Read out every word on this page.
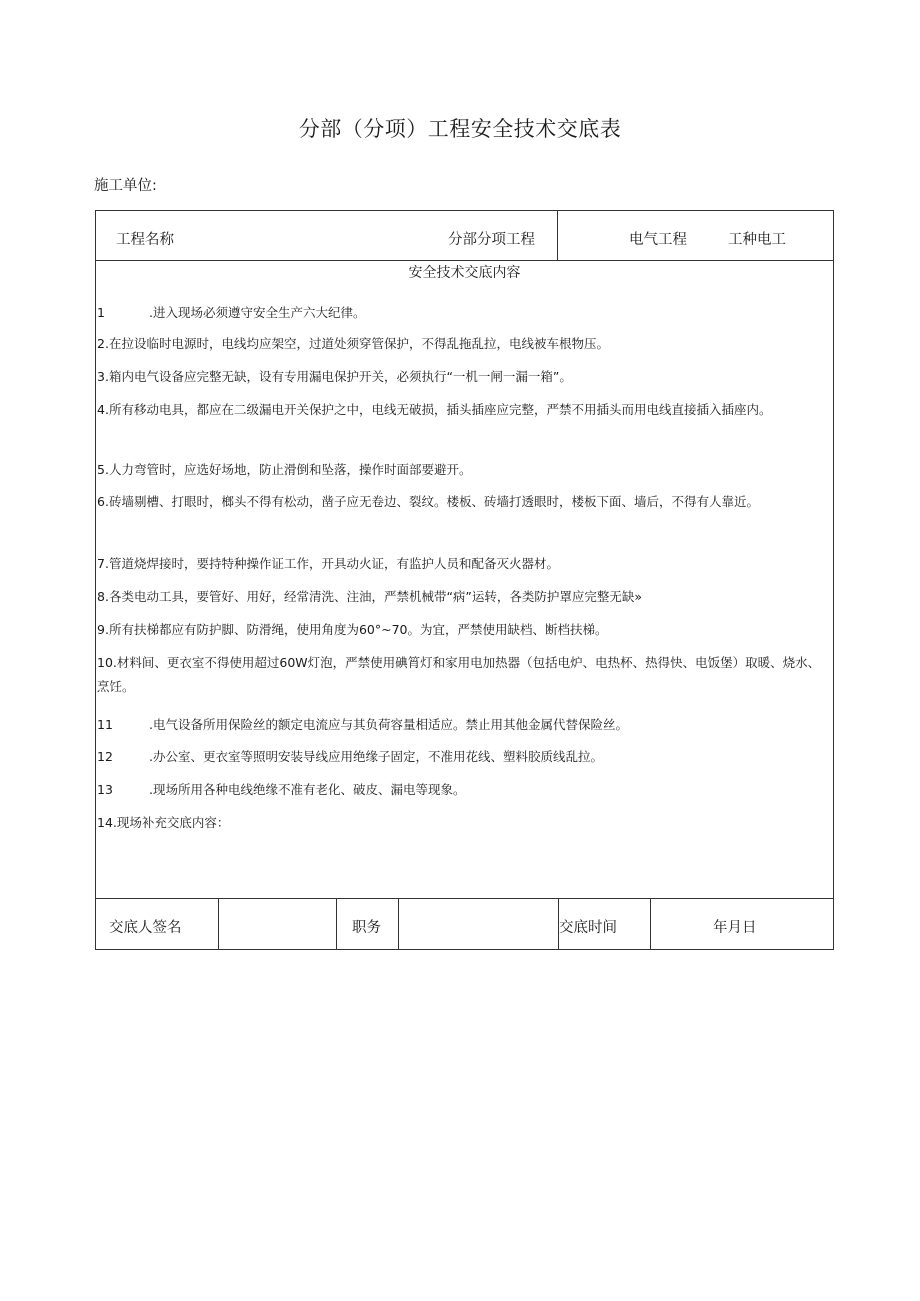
分部（分项）工程安全技术交底表
施工单位:
工程名称	分部分项工程	电气工程	工种电工
安全技术交底内容
1	.进入现场必须遵守安全生产六大纪律。
2.在拉设临时电源时，电线均应架空，过道处须穿管保护，不得乱拖乱拉，电线被车根物压。
3.箱内电气设备应完整无缺，设有专用漏电保护开关，必须执行“一机一闸一漏一箱”。
4.所有移动电具，都应在二级漏电开关保护之中，电线无破损，插头插座应完整，严禁不用插头而用电线直接插入插座内。
5.人力弯管时，应选好场地，防止滑倒和坠落，操作时面部要避开。
6.砖墙剔槽、打眼时，榔头不得有松动，凿子应无卷边、裂纹。楼板、砖墙打透眼时，楼板下面、墙后，不得有人靠近。
7.管道烧焊接时，要持特种操作证工作，开具动火证，有监护人员和配备灭火器材。
8.各类电动工具，要管好、用好，经常清洗、注油，严禁机械带“病”运转，各类防护罩应完整无缺»
9.所有扶梯都应有防护脚、防滑绳，使用角度为60°~70。为宜，严禁使用缺档、断档扶梯。
10.材料间、更衣室不得使用超过60W灯泡，严禁使用碘筲灯和家用电加热器（包括电炉、电热杯、热得快、电饭堡）取暖、烧水、烹饪。
11	.电气设备所用保险丝的额定电流应与其负荷容量相适应。禁止用其他金属代替保险丝。
12	.办公室、更衣室等照明安装导线应用绝缘子固定，不准用花线、塑料胶质线乱拉。
13	.现场所用各种电线绝缘不准有老化、破皮、漏电等现象。
14.现场补充交底内容：
交底人签名	职务	交底时间	年月日
